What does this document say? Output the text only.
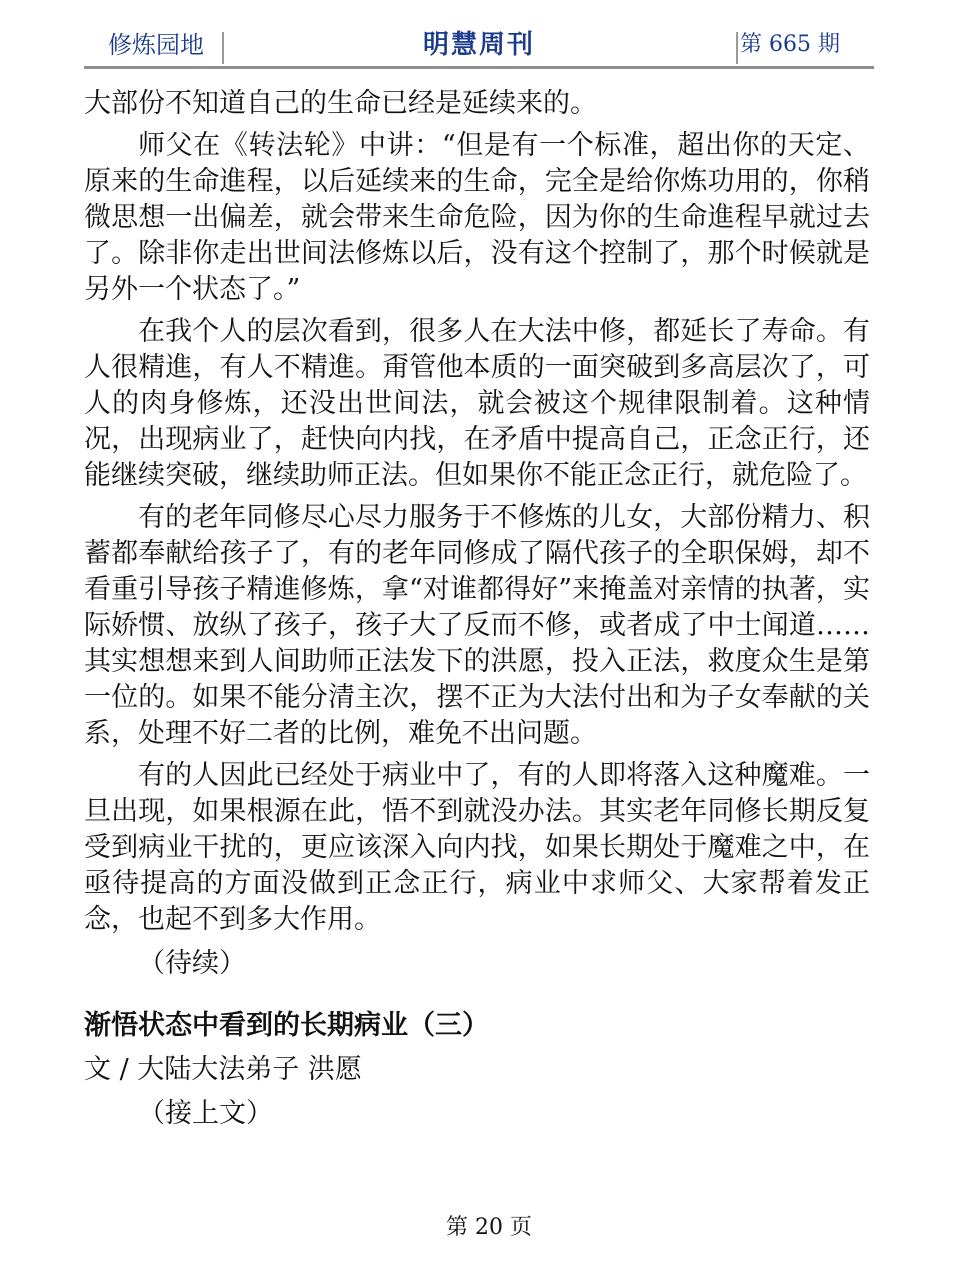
修炼园地	明慧周刊	第 665 期

大部份不知道自己的生命已经是延续来的。

师父在《转法轮》中讲：“但是有一个标准，超出你的天定、原来的生命進程，以后延续来的生命，完全是给你炼功用的，你稍微思想一出偏差，就会带来生命危险，因为你的生命進程早就过去了。除非你走出世间法修炼以后，没有这个控制了，那个时候就是另外一个状态了。”

在我个人的层次看到，很多人在大法中修，都延长了寿命。有人很精進，有人不精進。甭管他本质的一面突破到多高层次了，可人的肉身修炼，还没出世间法，就会被这个规律限制着。这种情况，出现病业了，赶快向内找，在矛盾中提高自己，正念正行，还能继续突破，继续助师正法。但如果你不能正念正行，就危险了。

有的老年同修尽心尽力服务于不修炼的儿女，大部份精力、积蓄都奉献给孩子了，有的老年同修成了隔代孩子的全职保姆，却不看重引导孩子精進修炼，拿“对谁都得好”来掩盖对亲情的执著，实际娇惯、放纵了孩子，孩子大了反而不修，或者成了中士闻道……其实想想来到人间助师正法发下的洪愿，投入正法，救度众生是第一位的。如果不能分清主次，摆不正为大法付出和为子女奉献的关系，处理不好二者的比例，难免不出问题。

有的人因此已经处于病业中了，有的人即将落入这种魔难。一旦出现，如果根源在此，悟不到就没办法。其实老年同修长期反复受到病业干扰的，更应该深入向内找，如果长期处于魔难之中，在亟待提高的方面没做到正念正行，病业中求师父、大家帮着发正念，也起不到多大作用。

（待续）

渐悟状态中看到的长期病业（三）

文 / 大陆大法弟子 洪愿

（接上文）

第 20 页
